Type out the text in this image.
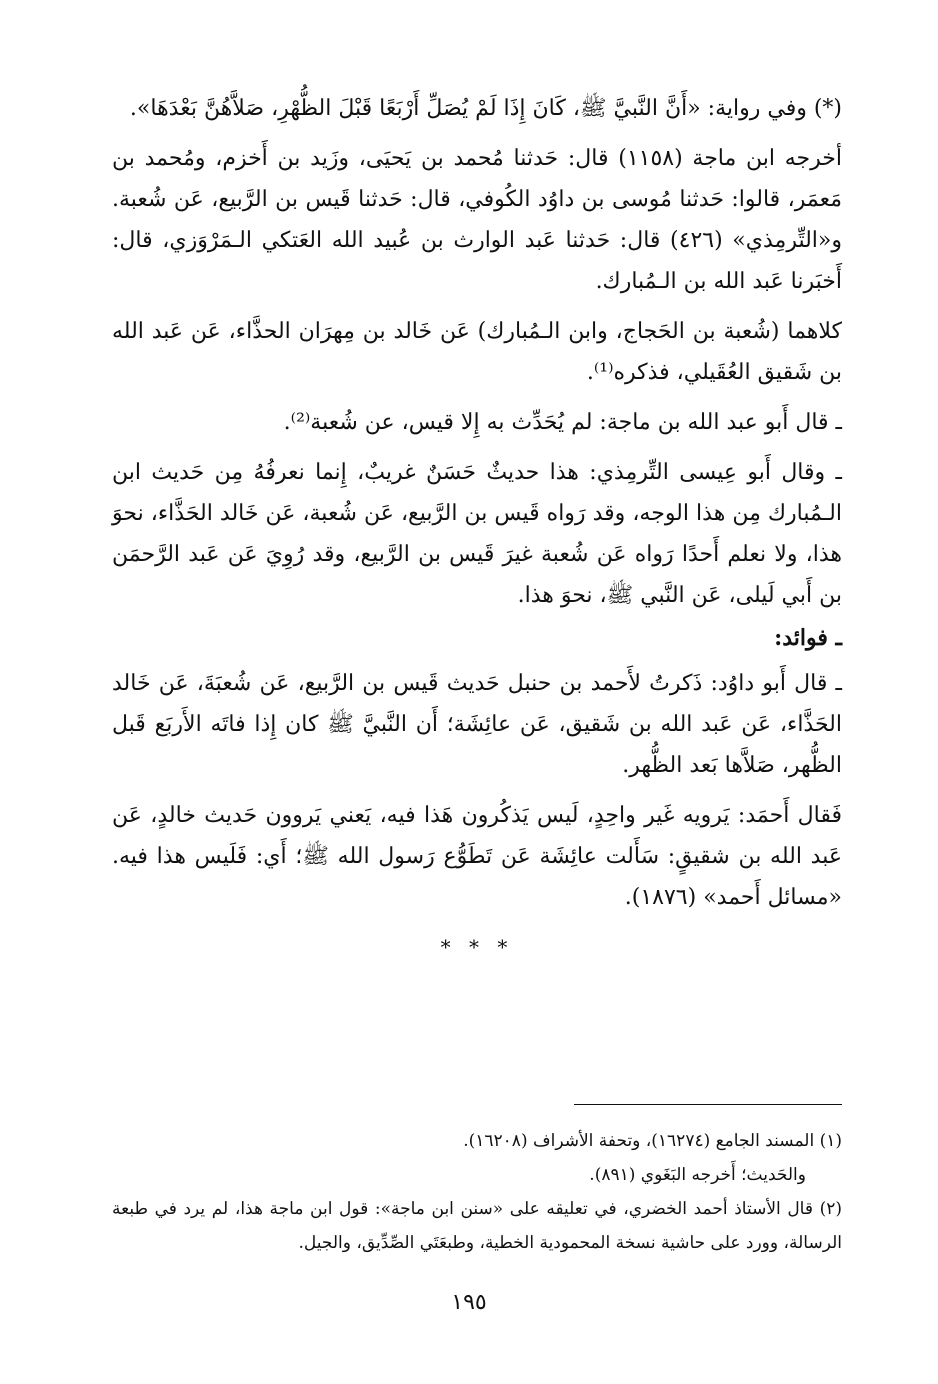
(*) وفي رواية: «أَنَّ النَّبيَّ ﷺ، كَانَ إِذَا لَمْ يُصَلِّ أَرْبَعًا قَبْلَ الظُّهْرِ، صَلاَّهُنَّ بَعْدَهَا».

أخرجه ابن ماجة (١١٥٨) قال: حَدثنا مُحمد بن يَحيَى، وزَيد بن أَخزم، ومُحمد بن مَعمَر، قالوا: حَدثنا مُوسى بن داوُد الكُوفي، قال: حَدثنا قَيس بن الرَّبيع، عَن شُعبة. و«التِّرمِذي» (٤٢٦) قال: حَدثنا عَبد الوارث بن عُبيد الله العَتكي الـمَرْوَزي، قال: أَخبَرنا عَبد الله بن الـمُبارك.

كلاهما (شُعبة بن الحَجاج، وابن الـمُبارك) عَن خَالد بن مِهرَان الحذَّاء، عَن عَبد الله بن شَقيق العُقَيلي، فذكره⁽¹⁾.

ـ قال أَبو عبد الله بن ماجة: لم يُحَدِّث به إِلا قيس، عن شُعبة⁽²⁾.

ـ وقال أَبو عِيسى التِّرمِذي: هذا حديثٌ حَسَنٌ غريبٌ، إِنما نعرفُهُ مِن حَديث ابن الـمُبارك مِن هذا الوجه، وقد رَواه قَيس بن الرَّبيع، عَن شُعبة، عَن خَالد الحَذَّاء، نحوَ هذا، ولا نعلم أَحدًا رَواه عَن شُعبة غيرَ قَيس بن الرَّبيع، وقد رُوِيَ عَن عَبد الرَّحمَن بن أَبي لَيلى، عَن النَّبي ﷺ، نحوَ هذا.

ـ فوائد:

ـ قال أَبو داوُد: ذَكرتُ لأَحمد بن حنبل حَديث قَيس بن الرَّبيع، عَن شُعبَةَ، عَن خَالد الحَذَّاء، عَن عَبد الله بن شَقيق، عَن عائِشَة؛ أَن النَّبيَّ ﷺ كان إِذا فاتَه الأَربَع قَبل الظُّهر، صَلاَّها بَعد الظُّهر.

فَقال أَحمَد: يَرويه غَير واحِدٍ، لَيس يَذكُرون هَذا فيه، يَعني يَروون حَديث خالدٍ، عَن عَبد الله بن شقيقٍ: سَأَلت عائِشَة عَن تَطَوُّع رَسول الله ﷺ؛ أَي: فَلَيس هذا فيه. «مسائل أَحمد» (١٨٧٦).

* * *

(١) المسند الجامع (١٦٢٧٤)، وتحفة الأشراف (١٦٢٠٨).

والحَديث؛ أَخرجه البَغَوي (٨٩١).

(٢) قال الأستاذ أحمد الخضري، في تعليقه على «سنن ابن ماجة»: قول ابن ماجة هذا، لم يرد في طبعة الرسالة، وورد على حاشية نسخة المحمودية الخطية، وطبعَتَي الصِّدِّيق، والجيل.

١٩٥
